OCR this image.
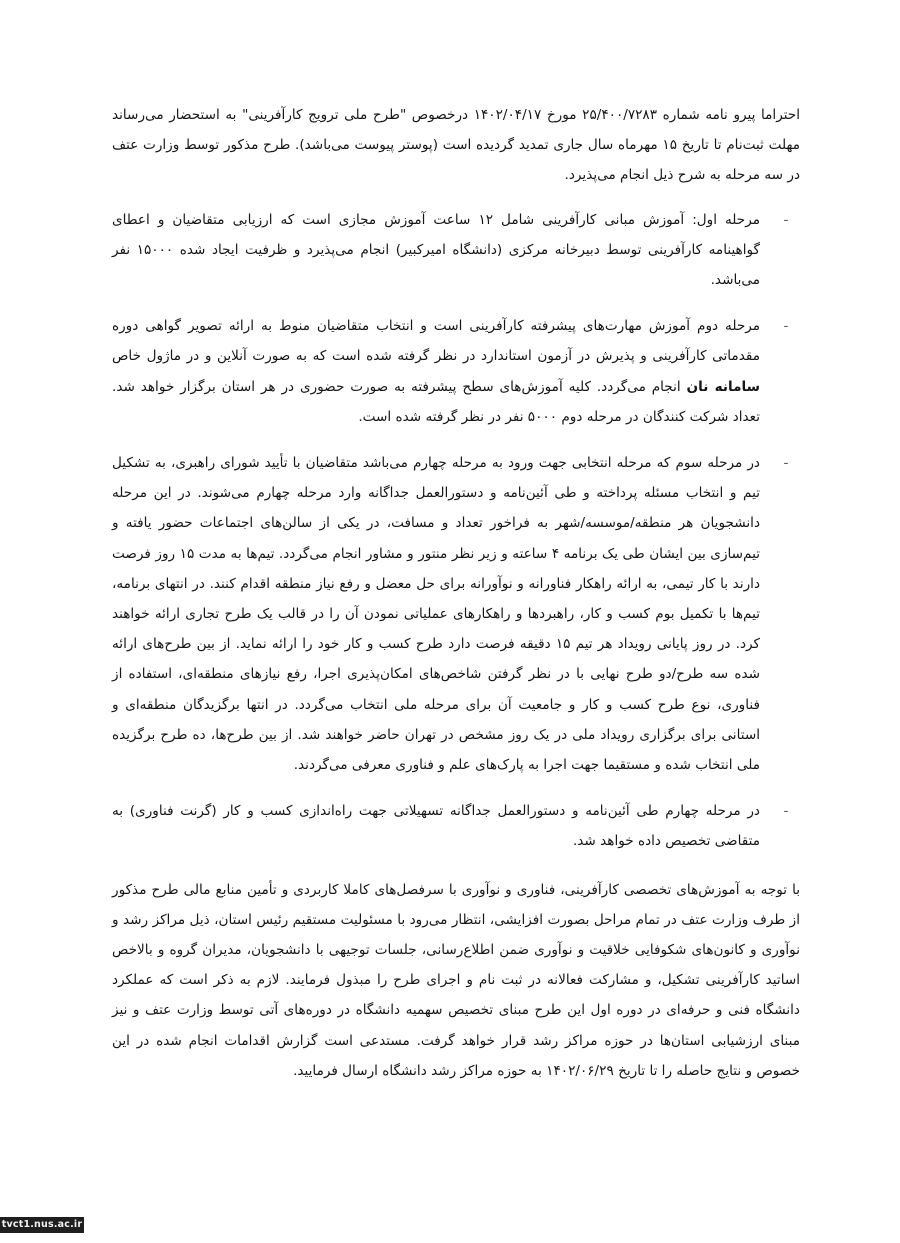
احتراما پیرو نامه شماره ۲۵/۴۰۰/۷۲۸۳ مورخ ۱۴۰۲/۰۴/۱۷ درخصوص "طرح ملی ترویج کارآفرینی" به استحضار می‌رساند مهلت ثبت‌نام تا تاریخ ۱۵ مهرماه سال جاری تمدید گردیده است (پوستر پیوست می‌باشد). طرح مذکور توسط وزارت عتف در سه مرحله به شرح ذیل انجام می‌پذیرد.

-
مرحله اول: آموزش مبانی کارآفرینی شامل ۱۲ ساعت آموزش مجازی است که ارزیابی متقاضیان و اعطای گواهینامه کارآفرینی توسط دبیرخانه مرکزی (دانشگاه امیرکبیر) انجام می‌پذیرد و ظرفیت ایجاد شده ۱۵۰۰۰ نفر می‌باشد.
-
مرحله دوم آموزش مهارت‌های پیشرفته کارآفرینی است و انتخاب متقاضیان منوط به ارائه تصویر گواهی دوره مقدماتی کارآفرینی و پذیرش در آزمون استاندارد در نظر گرفته شده است که به صورت آنلاین و در ماژول خاص سامانه نان انجام می‌گردد. کلیه آموزش‌های سطح پیشرفته به صورت حضوری در هر استان برگزار خواهد شد. تعداد شرکت کنندگان در مرحله دوم ۵۰۰۰ نفر در نظر گرفته شده است.
-
در مرحله سوم که مرحله انتخابی جهت ورود به مرحله چهارم می‌باشد متقاضیان با تأیید شورای راهبری، به تشکیل تیم و انتخاب مسئله پرداخته و طی آئین‌نامه و دستورالعمل جداگانه وارد مرحله چهارم می‌شوند. در این مرحله دانشجویان هر منطقه/موسسه/شهر به فراخور تعداد و مسافت، در یکی از سالن‌های اجتماعات حضور یافته و تیم‌سازی بین ایشان طی یک برنامه ۴ ساعته و زیر نظر منتور و مشاور انجام می‌گردد. تیم‌ها به مدت ۱۵ روز فرصت دارند با کار تیمی، به ارائه راهکار فناورانه و نوآورانه برای حل معضل و رفع نیاز منطقه اقدام کنند. در انتهای برنامه، تیم‌ها با تکمیل بوم کسب و کار، راهبردها و راهکارهای عملیاتی نمودن آن را در قالب یک طرح تجاری ارائه خواهند کرد. در روز پایانی رویداد هر تیم ۱۵ دقیقه فرصت دارد طرح کسب و کار خود را ارائه نماید. از بین طرح‌های ارائه شده سه طرح/دو طرح نهایی با در نظر گرفتن شاخص‌های امکان‌پذیری اجرا، رفع نیازهای منطقه‌ای، استفاده از فناوری، نوع طرح کسب و کار و جامعیت آن برای مرحله ملی انتخاب می‌گردد. در انتها برگزیدگان منطقه‌ای و استانی برای برگزاری رویداد ملی در یک روز مشخص در تهران حاضر خواهند شد. از بین طرح‌ها، ده طرح برگزیده ملی انتخاب شده و مستقیما جهت اجرا به پارک‌های علم و فناوری معرفی می‌گردند.
-
در مرحله چهارم طی آئین‌نامه و دستورالعمل جداگانه تسهیلاتی جهت راه‌اندازی کسب و کار (گرنت فناوری) به متقاضی تخصیص داده خواهد شد.

با توجه به آموزش‌های تخصصی کارآفرینی، فناوری و نوآوری با سرفصل‌های کاملا کاربردی و تأمین منابع مالی طرح مذکور از طرف وزارت عتف در تمام مراحل بصورت افزایشی، انتظار می‌رود با مسئولیت مستقیم رئیس استان، ذیل مراکز رشد و نوآوری و کانون‌های شکوفایی خلاقیت و نوآوری ضمن اطلاع‌رسانی، جلسات توجیهی با دانشجویان، مدیران گروه و بالاخص اساتید کارآفرینی تشکیل، و مشارکت فعالانه در ثبت نام و اجرای طرح را مبذول فرمایند. لازم به ذکر است که عملکرد دانشگاه فنی و حرفه‌ای در دوره اول این طرح مبنای تخصیص سهمیه دانشگاه در دوره‌های آتی توسط وزارت عتف و نیز مبنای ارزشیابی استان‌ها در حوزه مراکز رشد قرار خواهد گرفت. مستدعی است گزارش اقدامات انجام شده در این خصوص و نتایج حاصله را تا تاریخ ۱۴۰۲/۰۶/۲۹ به حوزه مراکز رشد دانشگاه ارسال فرمایید.

tvct1.nus.ac.ir
